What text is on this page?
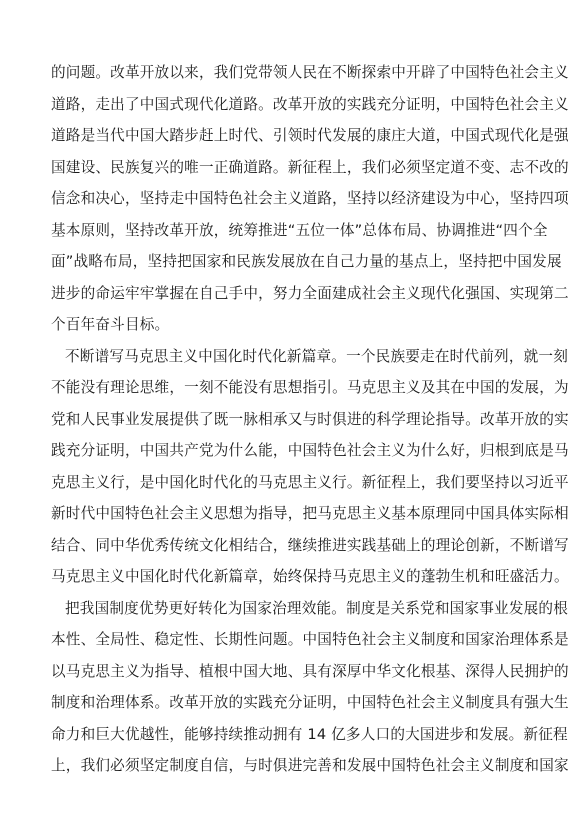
的问题。改革开放以来，我们党带领人民在不断探索中开辟了中国特色社会主义
道路，走出了中国式现代化道路。改革开放的实践充分证明，中国特色社会主义
道路是当代中国大踏步赶上时代、引领时代发展的康庄大道，中国式现代化是强
国建设、民族复兴的唯一正确道路。新征程上，我们必须坚定道不变、志不改的
信念和决心，坚持走中国特色社会主义道路，坚持以经济建设为中心，坚持四项
基本原则，坚持改革开放，统筹推进“五位一体”总体布局、协调推进“四个全
面”战略布局，坚持把国家和民族发展放在自己力量的基点上，坚持把中国发展
进步的命运牢牢掌握在自己手中，努力全面建成社会主义现代化强国、实现第二
个百年奋斗目标。
不断谱写马克思主义中国化时代化新篇章。一个民族要走在时代前列，就一刻
不能没有理论思维，一刻不能没有思想指引。马克思主义及其在中国的发展，为
党和人民事业发展提供了既一脉相承又与时俱进的科学理论指导。改革开放的实
践充分证明，中国共产党为什么能，中国特色社会主义为什么好，归根到底是马
克思主义行，是中国化时代化的马克思主义行。新征程上，我们要坚持以习近平
新时代中国特色社会主义思想为指导，把马克思主义基本原理同中国具体实际相
结合、同中华优秀传统文化相结合，继续推进实践基础上的理论创新，不断谱写
马克思主义中国化时代化新篇章，始终保持马克思主义的蓬勃生机和旺盛活力。
把我国制度优势更好转化为国家治理效能。制度是关系党和国家事业发展的根
本性、全局性、稳定性、长期性问题。中国特色社会主义制度和国家治理体系是
以马克思主义为指导、植根中国大地、具有深厚中华文化根基、深得人民拥护的
制度和治理体系。改革开放的实践充分证明，中国特色社会主义制度具有强大生
命力和巨大优越性，能够持续推动拥有 14 亿多人口的大国进步和发展。新征程
上，我们必须坚定制度自信，与时俱进完善和发展中国特色社会主义制度和国家
